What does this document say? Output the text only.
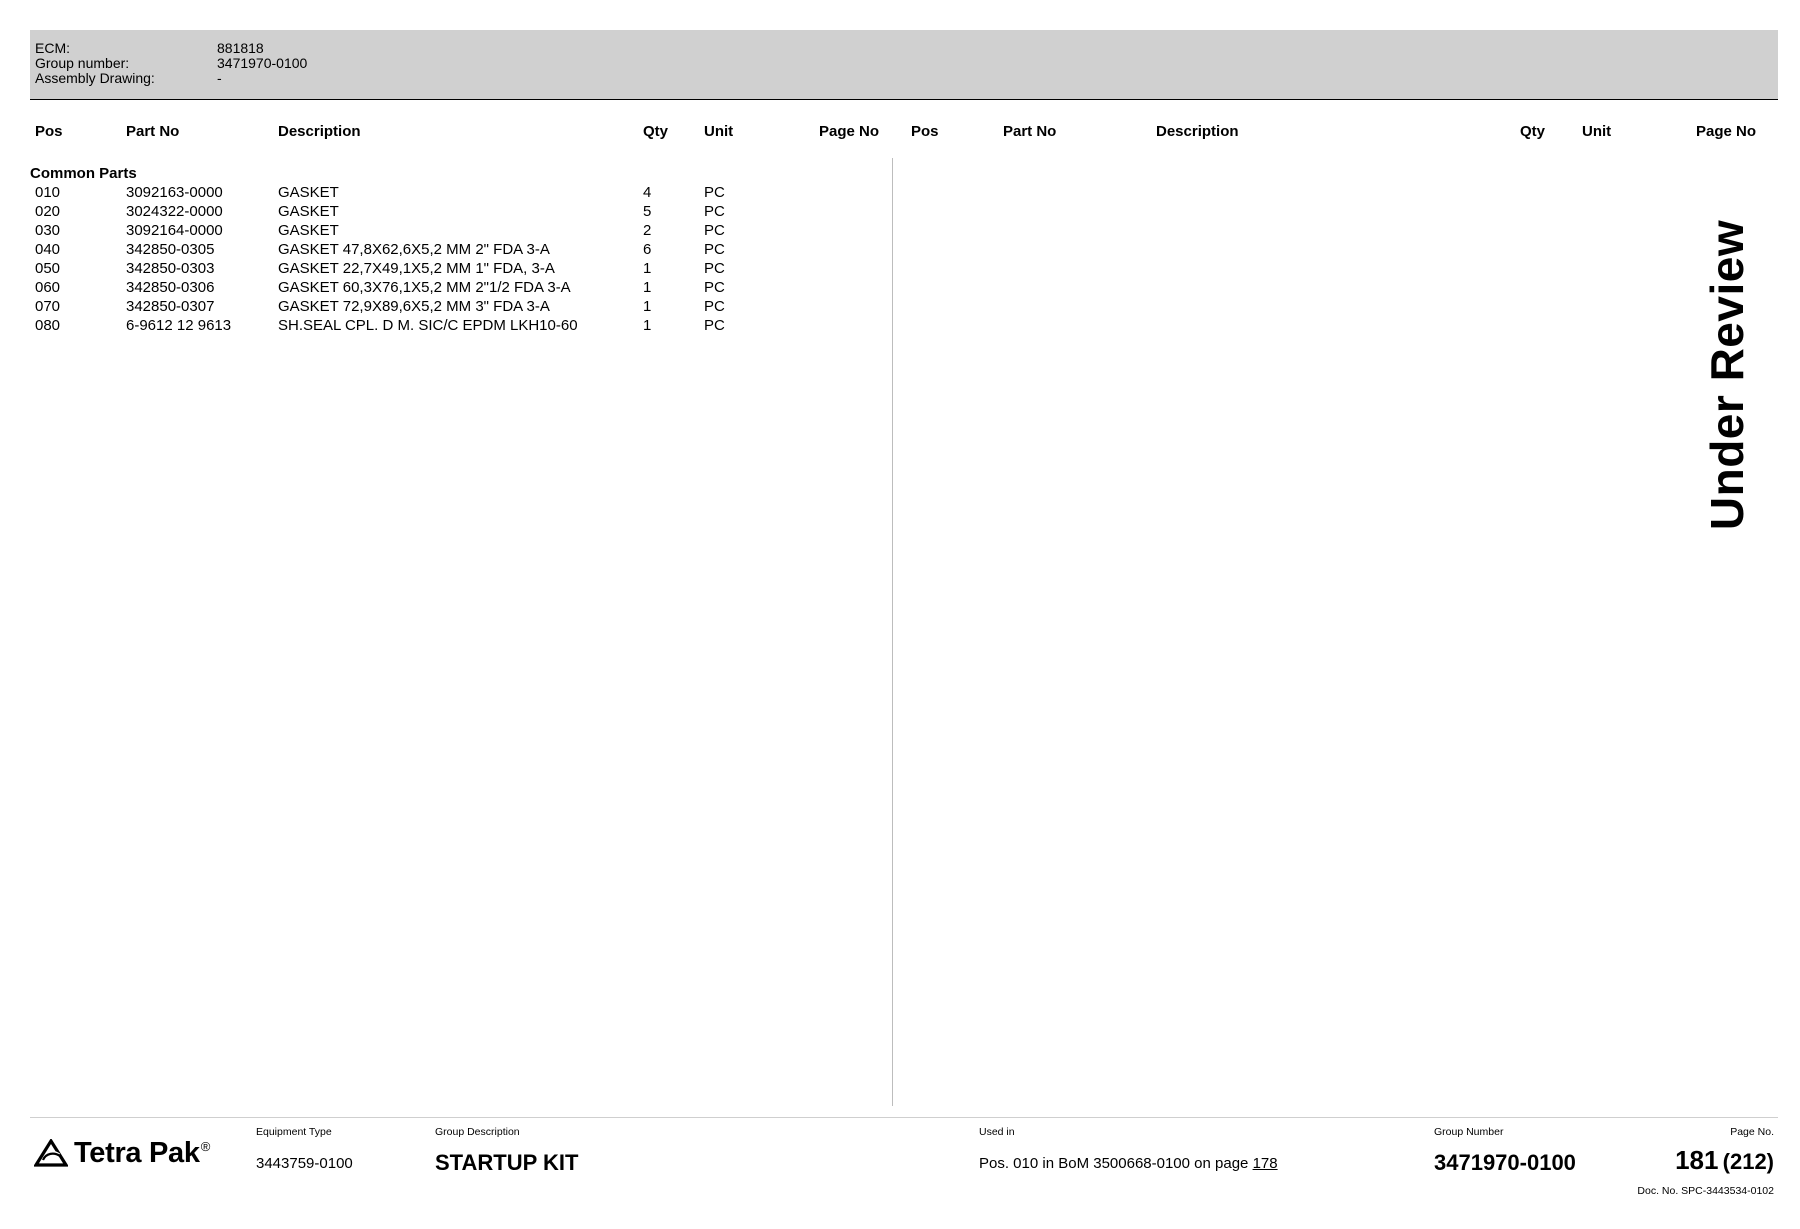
ECM:	881818
Group number:	3471970-0100
Assembly Drawing:	-
Pos	Part No	Description	Qty Unit	Page No Pos	Part No	Description	Qty Unit	Page No
Common Parts
010	3092163-0000	GASKET	4	PC
020	3024322-0000	GASKET	5	PC
030	3092164-0000	GASKET	2	PC
040	342850-0305	GASKET 47,8X62,6X5,2 MM 2" FDA 3-A	6	PC
050	342850-0303	GASKET 22,7X49,1X5,2 MM 1" FDA, 3-A	1	PC
060	342850-0306	GASKET 60,3X76,1X5,2 MM 2"1/2 FDA 3-A	1	PC
070	342850-0307	GASKET 72,9X89,6X5,2 MM 3" FDA 3-A	1	PC
080	6-9612 12 9613	SH.SEAL CPL. D M. SIC/C EPDM LKH10-60	1	PC	Under Review
Tetra Pak®
Equipment Type
3443759-0100
Group Description
STARTUP KIT
Used in
Pos. 010 in BoM 3500668-0100 on page 178
Group Number
3471970-0100
Page No.
181 (212)
Doc. No. SPC-3443534-0102
